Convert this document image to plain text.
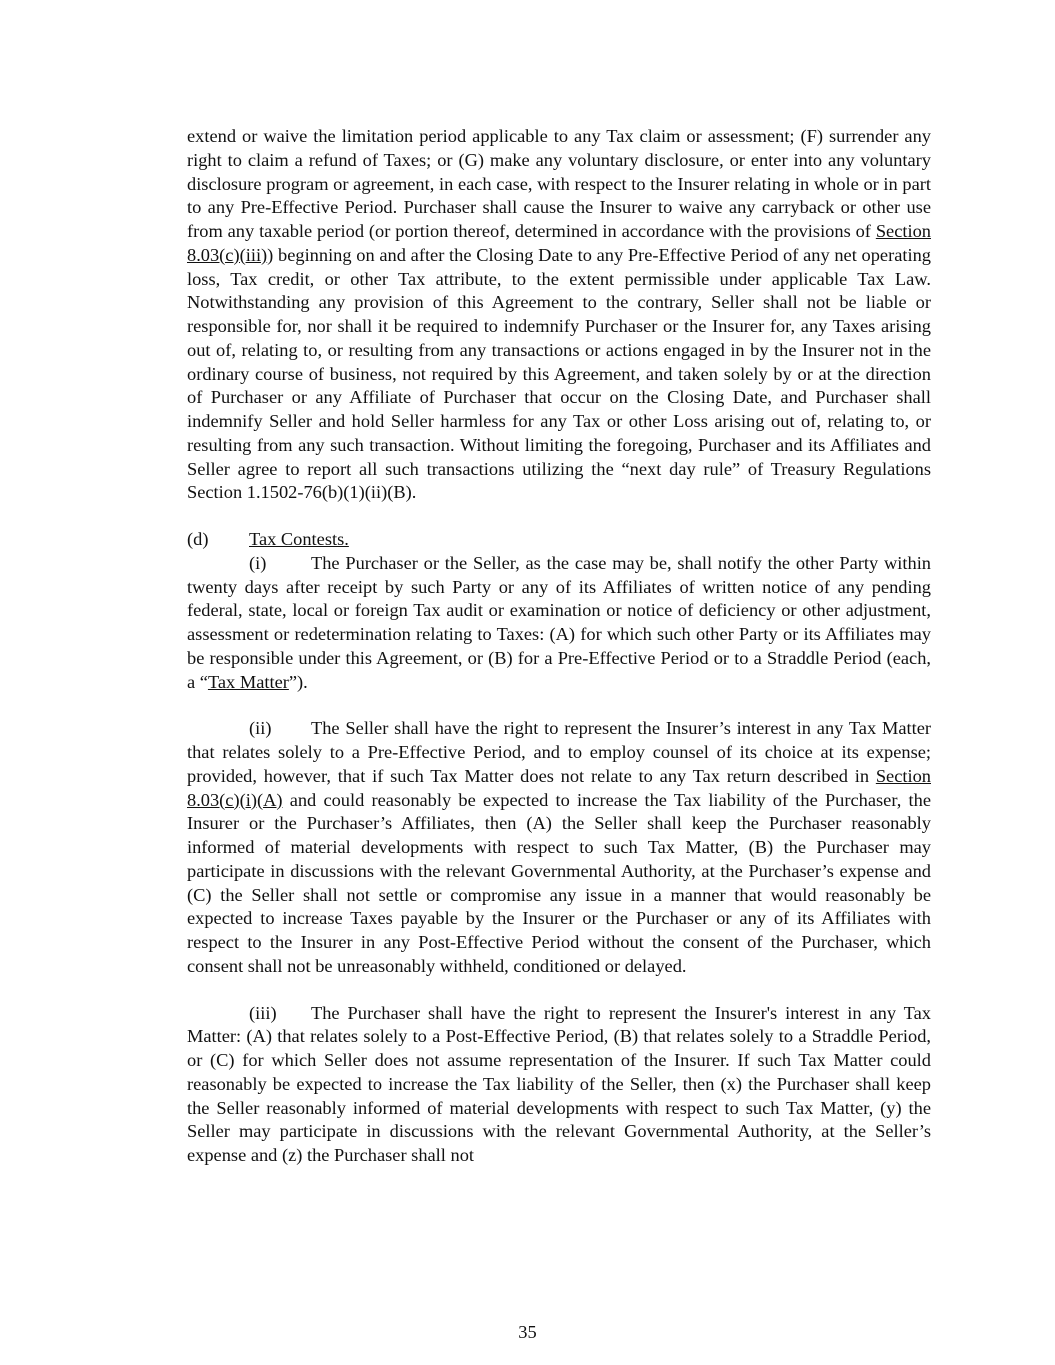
extend or waive the limitation period applicable to any Tax claim or assessment; (F) surrender any right to claim a refund of Taxes; or (G) make any voluntary disclosure, or enter into any voluntary disclosure program or agreement, in each case, with respect to the Insurer relating in whole or in part to any Pre-Effective Period. Purchaser shall cause the Insurer to waive any carryback or other use from any taxable period (or portion thereof, determined in accordance with the provisions of Section 8.03(c)(iii)) beginning on and after the Closing Date to any Pre-Effective Period of any net operating loss, Tax credit, or other Tax attribute, to the extent permissible under applicable Tax Law. Notwithstanding any provision of this Agreement to the contrary, Seller shall not be liable or responsible for, nor shall it be required to indemnify Purchaser or the Insurer for, any Taxes arising out of, relating to, or resulting from any transactions or actions engaged in by the Insurer not in the ordinary course of business, not required by this Agreement, and taken solely by or at the direction of Purchaser or any Affiliate of Purchaser that occur on the Closing Date, and Purchaser shall indemnify Seller and hold Seller harmless for any Tax or other Loss arising out of, relating to, or resulting from any such transaction. Without limiting the foregoing, Purchaser and its Affiliates and Seller agree to report all such transactions utilizing the “next day rule” of Treasury Regulations Section 1.1502-76(b)(1)(ii)(B).

(d) Tax Contests.

(i) The Purchaser or the Seller, as the case may be, shall notify the other Party within twenty days after receipt by such Party or any of its Affiliates of written notice of any pending federal, state, local or foreign Tax audit or examination or notice of deficiency or other adjustment, assessment or redetermination relating to Taxes: (A) for which such other Party or its Affiliates may be responsible under this Agreement, or (B) for a Pre-Effective Period or to a Straddle Period (each, a “Tax Matter”).

(ii) The Seller shall have the right to represent the Insurer’s interest in any Tax Matter that relates solely to a Pre-Effective Period, and to employ counsel of its choice at its expense; provided, however, that if such Tax Matter does not relate to any Tax return described in Section 8.03(c)(i)(A) and could reasonably be expected to increase the Tax liability of the Purchaser, the Insurer or the Purchaser’s Affiliates, then (A) the Seller shall keep the Purchaser reasonably informed of material developments with respect to such Tax Matter, (B) the Purchaser may participate in discussions with the relevant Governmental Authority, at the Purchaser’s expense and (C) the Seller shall not settle or compromise any issue in a manner that would reasonably be expected to increase Taxes payable by the Insurer or the Purchaser or any of its Affiliates with respect to the Insurer in any Post-Effective Period without the consent of the Purchaser, which consent shall not be unreasonably withheld, conditioned or delayed.

(iii) The Purchaser shall have the right to represent the Insurer's interest in any Tax Matter: (A) that relates solely to a Post-Effective Period, (B) that relates solely to a Straddle Period, or (C) for which Seller does not assume representation of the Insurer. If such Tax Matter could reasonably be expected to increase the Tax liability of the Seller, then (x) the Purchaser shall keep the Seller reasonably informed of material developments with respect to such Tax Matter, (y) the Seller may participate in discussions with the relevant Governmental Authority, at the Seller’s expense and (z) the Purchaser shall not

35
